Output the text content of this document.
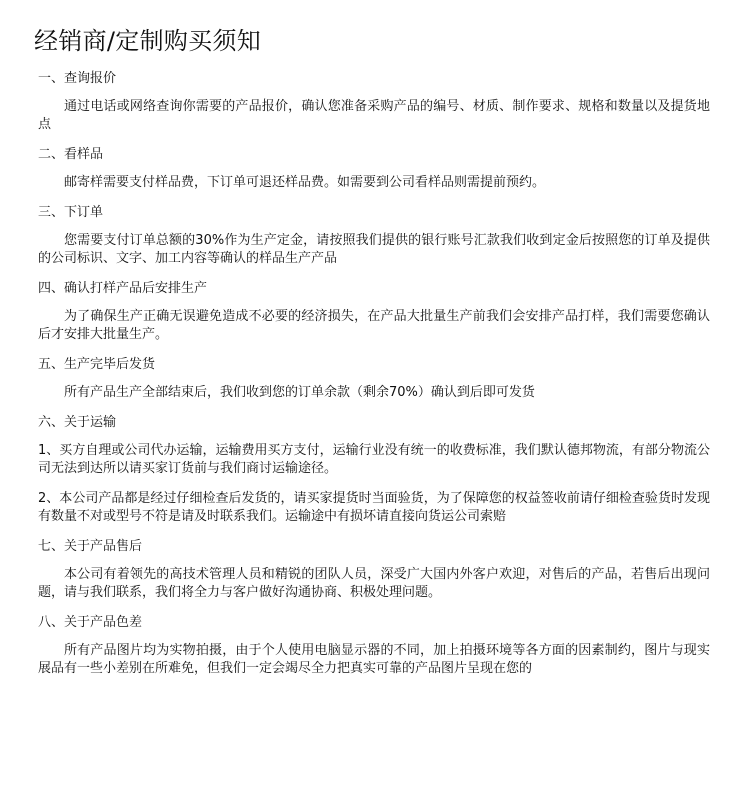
经销商/定制购买须知
一、查询报价

通过电话或网络查询你需要的产品报价，确认您准备采购产品的编号、材质、制作要求、规格和数量以及提货地点

二、看样品

邮寄样需要支付样品费，下订单可退还样品费。如需要到公司看样品则需提前预约。

三、下订单

您需要支付订单总额的30%作为生产定金，请按照我们提供的银行账号汇款我们收到定金后按照您的订单及提供的公司标识、文字、加工内容等确认的样品生产产品

四、确认打样产品后安排生产

为了确保生产正确无误避免造成不必要的经济损失，在产品大批量生产前我们会安排产品打样，我们需要您确认后才安排大批量生产。

五、生产完毕后发货

所有产品生产全部结束后，我们收到您的订单余款（剩余70%）确认到后即可发货

六、关于运输

1、买方自理或公司代办运输，运输费用买方支付，运输行业没有统一的收费标准，我们默认德邦物流，有部分物流公司无法到达所以请买家订货前与我们商讨运输途径。

2、本公司产品都是经过仔细检查后发货的，请买家提货时当面验货，为了保障您的权益签收前请仔细检查验货时发现有数量不对或型号不符是请及时联系我们。运输途中有损坏请直接向货运公司索赔

七、关于产品售后

本公司有着领先的高技术管理人员和精锐的团队人员，深受广大国内外客户欢迎，对售后的产品，若售后出现问题，请与我们联系，我们将全力与客户做好沟通协商、积极处理问题。

八、关于产品色差

所有产品图片均为实物拍摄，由于个人使用电脑显示器的不同，加上拍摄环境等各方面的因素制约，图片与现实展品有一些小差别在所难免，但我们一定会竭尽全力把真实可靠的产品图片呈现在您的
